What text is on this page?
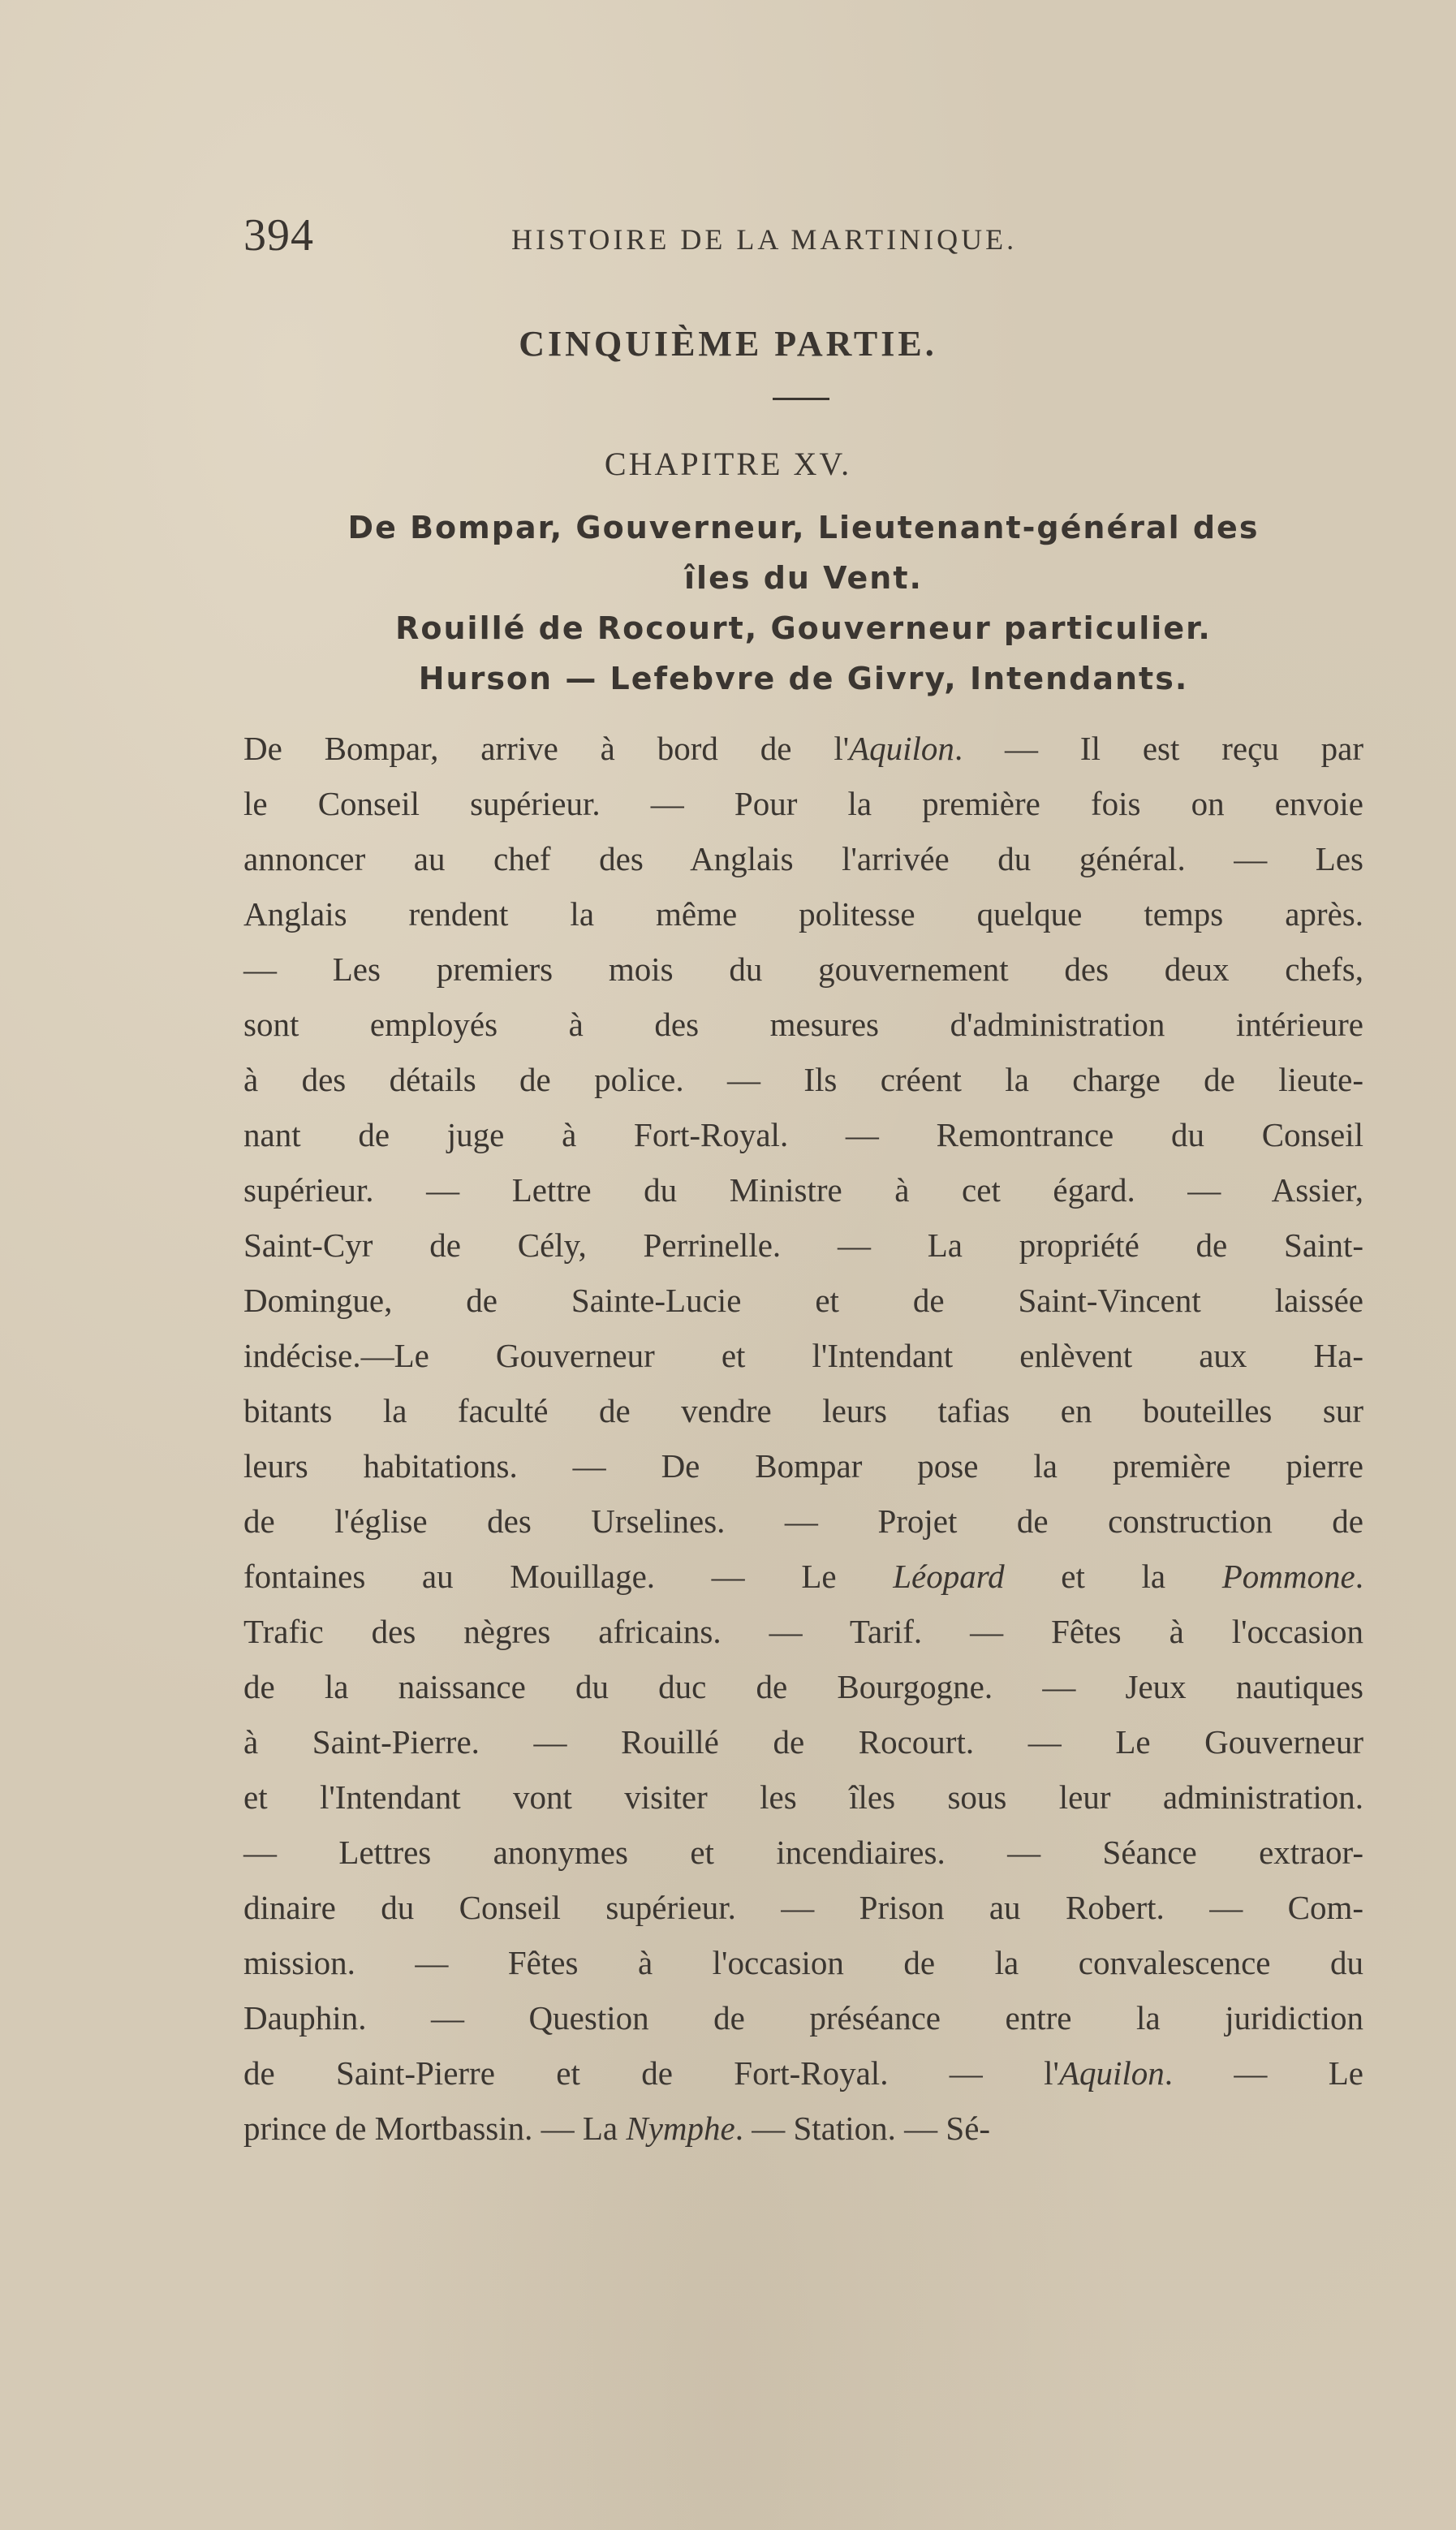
394	HISTOIRE DE LA MARTINIQUE.
CINQUIÈME PARTIE.
CHAPITRE XV.
De Bompar, Gouverneur, Lieutenant-général des
îles du Vent.
Rouillé de Rocourt, Gouverneur particulier.
Hurson — Lefebvre de Givry, Intendants.
De Bompar, arrive à bord de l'Aquilon. — Il est reçu par
le Conseil supérieur. — Pour la première fois on envoie
annoncer au chef des Anglais l'arrivée du général. — Les
Anglais rendent la même politesse quelque temps après.
— Les premiers mois du gouvernement des deux chefs,
sont employés à des mesures d'administration intérieure
à des détails de police. — Ils créent la charge de lieute-
nant de juge à Fort-Royal. — Remontrance du Conseil
supérieur. — Lettre du Ministre à cet égard. — Assier,
Saint-Cyr de Cély, Perrinelle. — La propriété de Saint-
Domingue, de Sainte-Lucie et de Saint-Vincent laissée
indécise.—Le Gouverneur et l'Intendant enlèvent aux Ha-
bitants la faculté de vendre leurs tafias en bouteilles sur
leurs habitations. — De Bompar pose la première pierre
de l'église des Urselines. — Projet de construction de
fontaines au Mouillage. — Le Léopard et la Pommone.
Trafic des nègres africains. — Tarif. — Fêtes à l'occasion
de la naissance du duc de Bourgogne. — Jeux nautiques
à Saint-Pierre. — Rouillé de Rocourt. — Le Gouverneur
et l'Intendant vont visiter les îles sous leur administration.
— Lettres anonymes et incendiaires. — Séance extraor-
dinaire du Conseil supérieur. — Prison au Robert. — Com-
mission. — Fêtes à l'occasion de la convalescence du
Dauphin. — Question de préséance entre la juridiction
de Saint-Pierre et de Fort-Royal. — l'Aquilon. — Le
prince de Mortbassin. — La Nymphe. — Station. — Sé-
